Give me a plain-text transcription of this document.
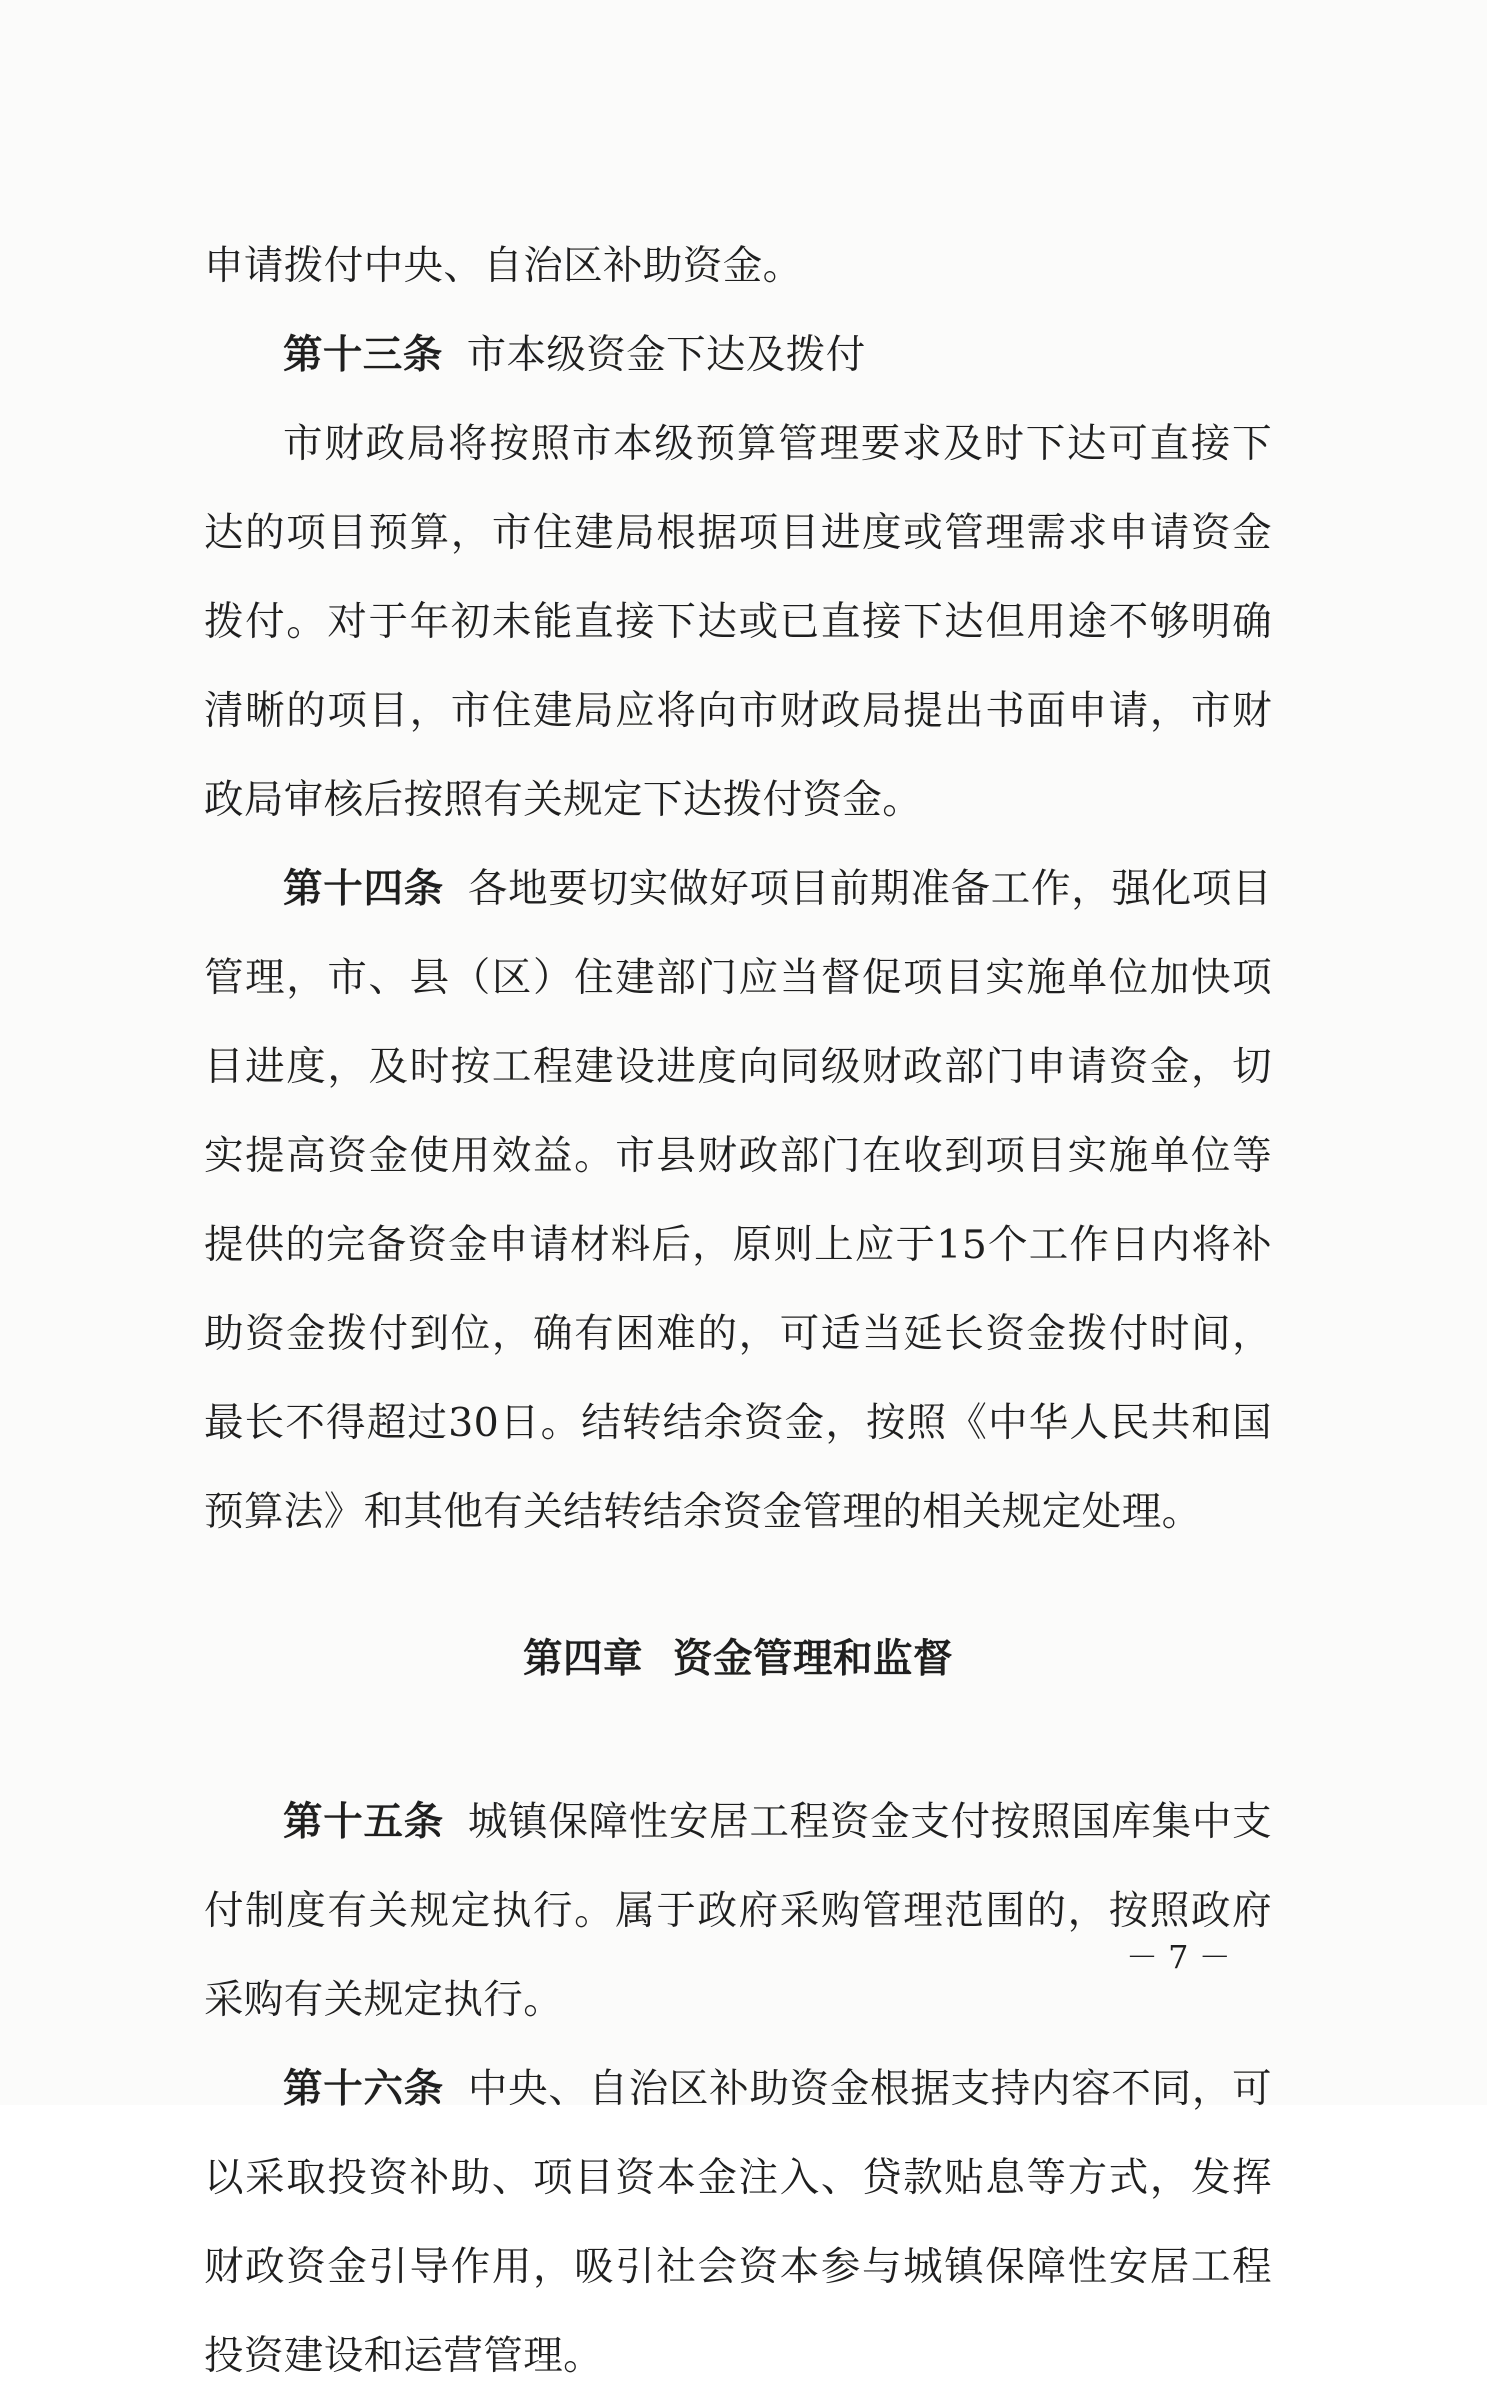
申请拨付中央、自治区补助资金。

第十三条 市本级资金下达及拨付

市财政局将按照市本级预算管理要求及时下达可直接下达的项目预算，市住建局根据项目进度或管理需求申请资金拨付。对于年初未能直接下达或已直接下达但用途不够明确清晰的项目，市住建局应将向市财政局提出书面申请，市财政局审核后按照有关规定下达拨付资金。

第十四条 各地要切实做好项目前期准备工作，强化项目管理，市、县（区）住建部门应当督促项目实施单位加快项目进度，及时按工程建设进度向同级财政部门申请资金，切实提高资金使用效益。市县财政部门在收到项目实施单位等提供的完备资金申请材料后，原则上应于15个工作日内将补助资金拨付到位，确有困难的，可适当延长资金拨付时间，最长不得超过30日。结转结余资金，按照《中华人民共和国预算法》和其他有关结转结余资金管理的相关规定处理。

第四章 资金管理和监督

第十五条 城镇保障性安居工程资金支付按照国库集中支付制度有关规定执行。属于政府采购管理范围的，按照政府采购有关规定执行。

第十六条 中央、自治区补助资金根据支持内容不同，可以采取投资补助、项目资本金注入、贷款贴息等方式，发挥财政资金引导作用，吸引社会资本参与城镇保障性安居工程投资建设和运营管理。

－ 7 －
